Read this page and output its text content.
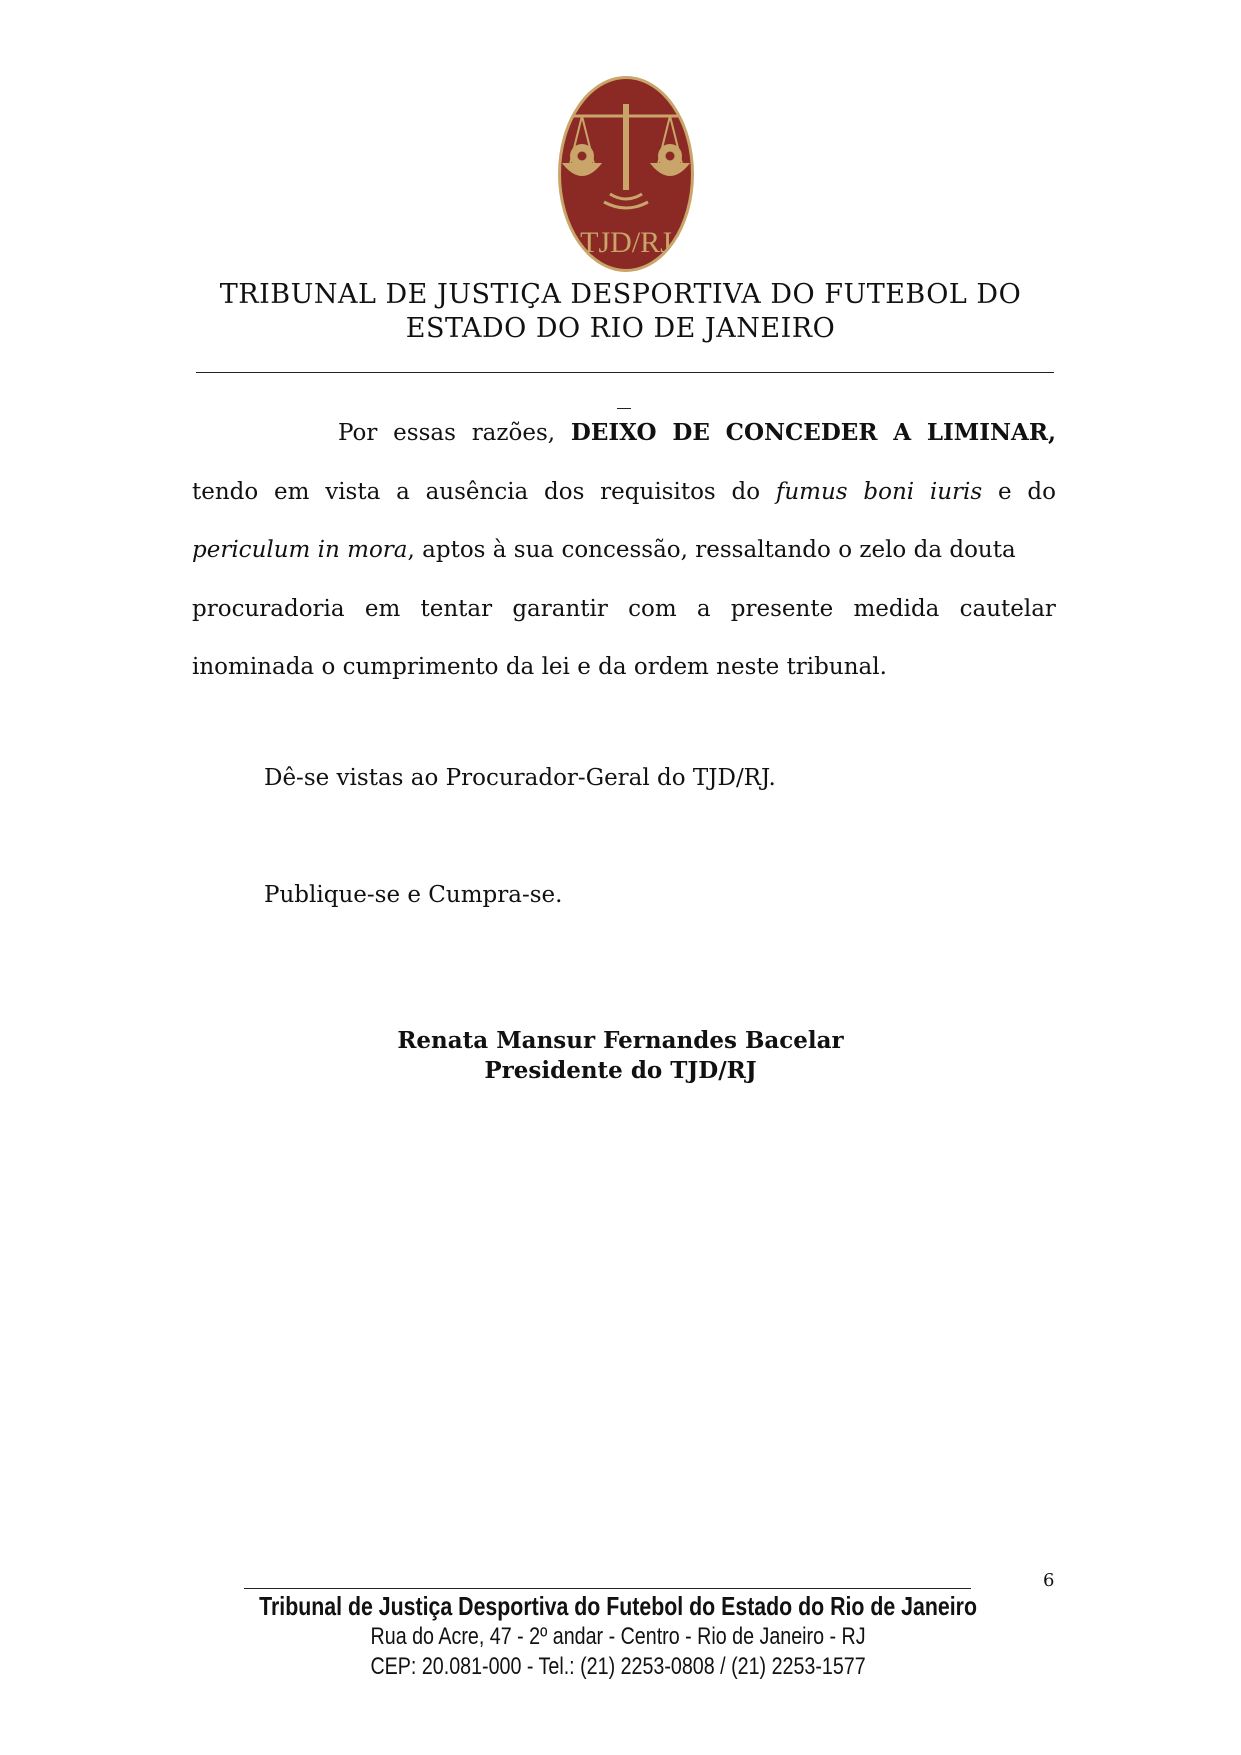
TJD/RJ
TRIBUNAL DE JUSTIÇA DESPORTIVA DO FUTEBOL DO
ESTADO DO RIO DE JANEIRO
Por essas razões, DEIXO DE CONCEDER A LIMINAR,
tendo em vista a ausência dos requisitos do fumus boni iuris e do
periculum in mora , aptos à sua concessão, ressaltando o zelo da douta
procuradoria em tentar garantir com a presente medida cautelar
inominada o cumprimento da lei e da ordem neste tribunal.
Dê-se vistas ao Procurador-Geral do TJD/RJ.
Publique-se e Cumpra-se.
Renata Mansur Fernandes Bacelar
Presidente do TJD/RJ
6
Tribunal de Justiça Desportiva do Futebol do Estado do Rio de Janeiro
Rua do Acre, 47 - 2º andar - Centro - Rio de Janeiro - RJ
CEP: 20.081-000 - Tel.: (21) 2253-0808 / (21) 2253-1577
